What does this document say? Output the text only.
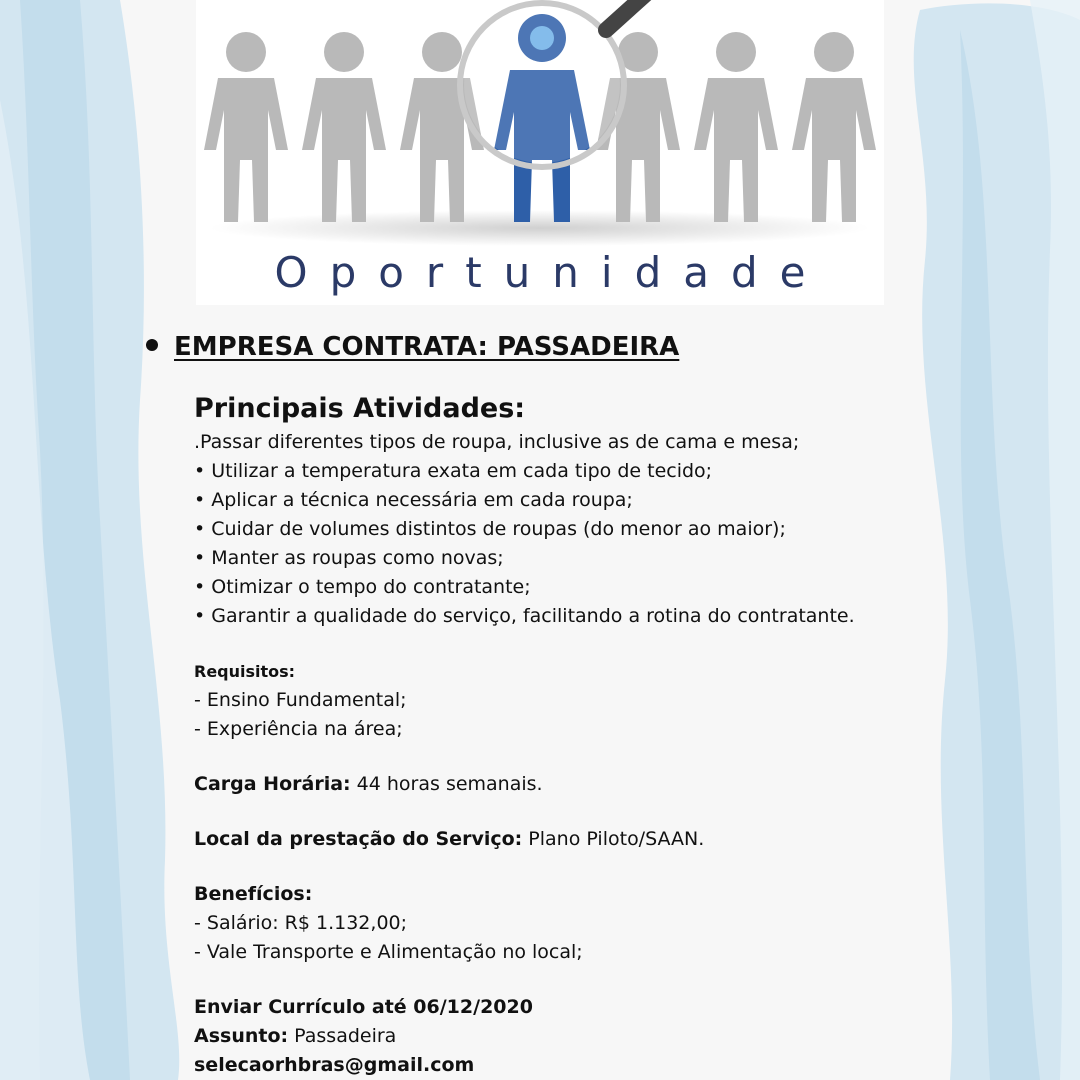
Oportunidade
EMPRESA CONTRATA: PASSADEIRA
Principais Atividades:
.Passar diferentes tipos de roupa, inclusive as de cama e mesa;
• Utilizar a temperatura exata em cada tipo de tecido;
• Aplicar a técnica necessária em cada roupa;
• Cuidar de volumes distintos de roupas (do menor ao maior);
• Manter as roupas como novas;
• Otimizar o tempo do contratante;
• Garantir a qualidade do serviço, facilitando a rotina do contratante.
Requisitos:
- Ensino Fundamental;
- Experiência na área;
Carga Horária: 44 horas semanais.
Local da prestação do Serviço: Plano Piloto/SAAN.
Benefícios:
- Salário: R$ 1.132,00;
- Vale Transporte e Alimentação no local;
Enviar Currículo até 06/12/2020
Assunto: Passadeira
selecaorhbras@gmail.com
